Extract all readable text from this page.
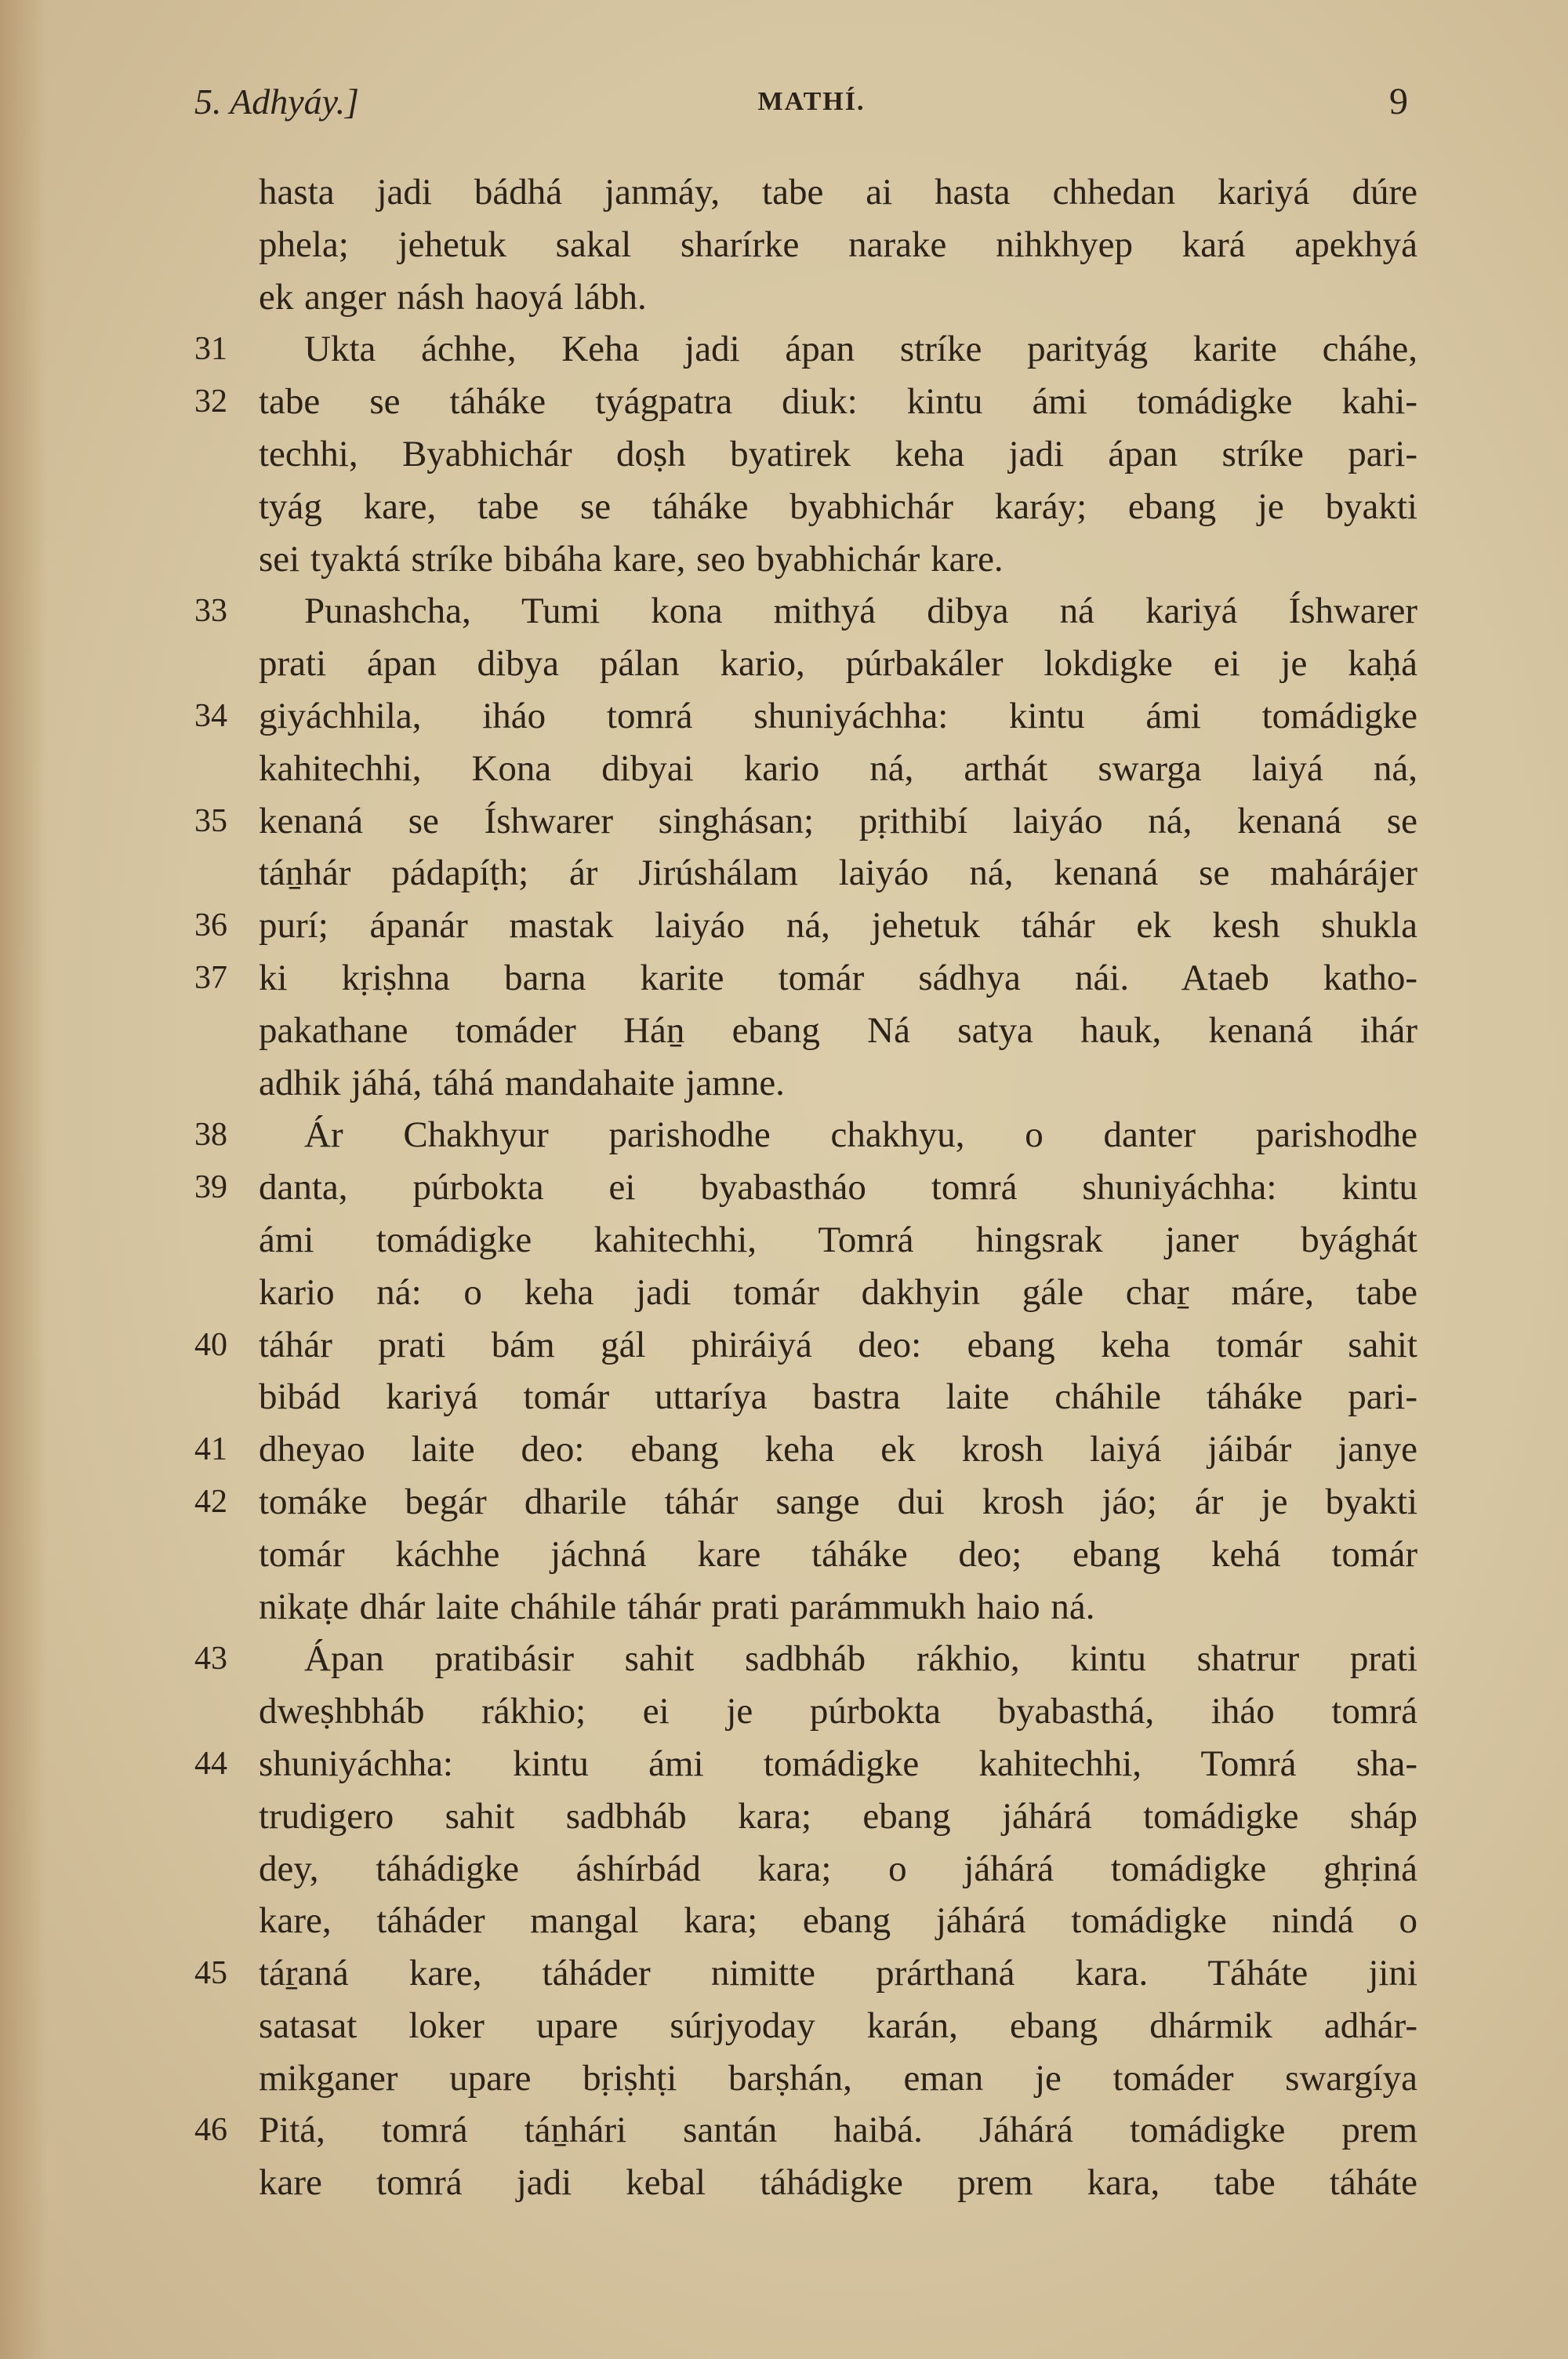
5. Adhyáy.]	MATHÍ.	9
hasta jadi bádhá janmáy, tabe ai hasta chhedan kariyá dúre
phela; jehetuk sakal sharírke narake nihkhyep kará apekhyá
ek anger násh haoyá lábh.
31	Ukta áchhe, Keha jadi ápan stríke parityág karite cháhe,
32 tabe se táháke tyágpatra diuk: kintu ámi tomádigke kahi-
techhi, Byabhichár doṣh byatirek keha jadi ápan stríke pari-
tyág kare, tabe se táháke byabhichár karáy; ebang je byakti
sei tyaktá stríke bibáha kare, seo byabhichár kare.
33	Punashcha, Tumi kona mithyá dibya ná kariyá Íshwarer
prati ápan dibya pálan kario, púrbakáler lokdigke ei je kaḥá
34 giyáchhila, iháo tomrá shuniyáchha: kintu ámi tomádigke
kahitechhi, Kona dibyai kario ná, arthát swarga laiyá ná,
35 kenaná se Íshwarer singhásan; pṛithibí laiyáo ná, kenaná se
táṉhár pádapíṭh; ár Jirúshálam laiyáo ná, kenaná se mahárájer
36 purí; ápanár mastak laiyáo ná, jehetuk táhár ek kesh shukla
37 ki kṛiṣhna barna karite tomár sádhya nái. Ataeb katho-
pakathane tomáder Háṉ ebang Ná satya hauk, kenaná ihár
adhik jáhá, táhá mandahaite jamne.
38	Ár Chakhyur parishodhe chakhyu, o danter parishodhe
39 danta, púrbokta ei byabastháo tomrá shuniyáchha: kintu
ámi tomádigke kahitechhi, Tomrá hingsrak janer byághát
kario ná: o keha jadi tomár dakhyin gále chaṟ máre, tabe
40 táhár prati bám gál phiráiyá deo: ebang keha tomár sahit
bibád kariyá tomár uttaríya bastra laite cháhile táháke pari-
41 dheyao laite deo: ebang keha ek krosh laiyá jáibár janye
42 tomáke begár dharile táhár sange dui krosh jáo; ár je byakti
tomár káchhe jáchná kare táháke deo; ebang kehá tomár
nikaṭe dhár laite cháhile táhár prati parámmukh haio ná.
43	Ápan pratibásir sahit sadbháb rákhio, kintu shatrur prati
dweṣhbháb rákhio; ei je púrbokta byabasthá, iháo tomrá
44 shuniyáchha: kintu ámi tomádigke kahitechhi, Tomrá sha-
trudigero sahit sadbháb kara; ebang jáhárá tomádigke sháp
dey, táhádigke áshírbád kara; o jáhárá tomádigke ghṛiná
kare, táháder mangal kara; ebang jáhárá tomádigke nindá o
45 táṟaná kare, táháder nimitte prárthaná kara. Táháte jini
satasat loker upare súrjyoday karán, ebang dhármik adhár-
mikganer upare bṛiṣhṭi barṣhán, eman je tomáder swargíya
46 Pitá, tomrá táṉhári santán haibá. Jáhárá tomádigke prem
kare tomrá jadi kebal táhádigke prem kara, tabe táháte
